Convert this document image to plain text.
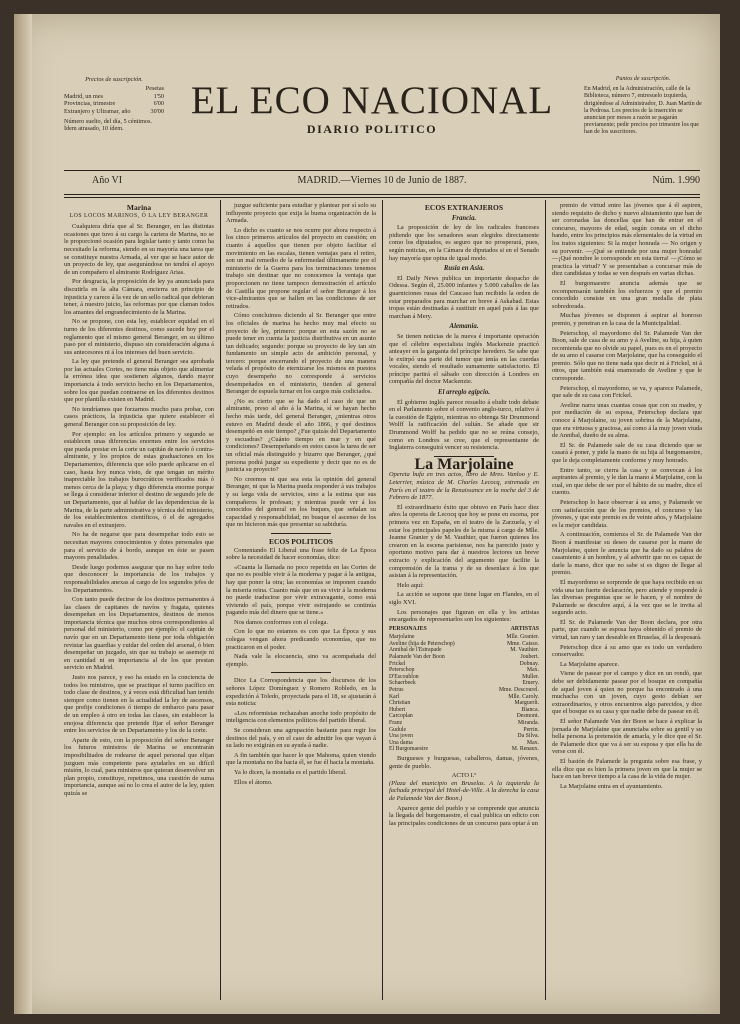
Precios de suscripción.
Pesetas
Madrid, un mes	1'50
Provincias, trimestre	6'00
Extranjero y Ultramar, año	30'00
Número suelto, del día, 5 céntimos.
Ídem atrasado, 10 ídem.
EL ECO NACIONAL
DIARIO POLITICO
Puntos de suscripción.
En Madrid, en la Administración, calle de la Biblioteca, número 7, entresuelo izquierda, dirigiéndose al Administrador, D. Juan Martín de la Pedrosa. Los precios de la inserción se anuncian por meses a razón se pagarán previamente; pedir precios por trimestre los que han de los suscritores.
Año VI	MADRID.—Viernes 10 de Junio de 1887.	Núm. 1.990
Marina
LOS LOCOS MARINOS, Ó LA LEY BERANGER

Cualquiera diría que al Sr. Beranger, en las distintas ocasiones que tuvo á su cargo la cartera de Marina, no se le proporcionó ocasión para legislar tanto y tanto como ha necesitado la reforma, siendo en su mayoría una tarea que se constituye nuestra Armada, al ver que se hace autor de un proyecto de ley, que asegurándose no tendrá el apoyo de un compañero el almirante Rodríguez Arias.

Por desgracia, la proposición de ley ya anunciada para discutirla en la alta Cámara, encierra un principio de injusticia y carece á la vez de un sello radical que debieran tener, á nuestro juicio, las reformas por que claman todos los amantes del engrandecimiento de la Marina.

No se propone, con esta ley, establecer equidad en el turno de los diferentes destinos, como sucede hoy por el reglamento que el mismo general Beranger, en su último paso por el ministerio, dispuso sin consideración alguna á sus antecesores ni á los intereses del buen servicio.

La ley que pretende el general Beranger sea aprobada por las actuales Cortes, no tiene más objeto que alimentar la errónea idea que sostienen algunos, dando mayor importancia á todo servicio hecho en los Departamentos, sobre los que puedan contraerse en los diferentes destinos que por plantilla existen en Madrid.

No tendríamos que forzarnos mucho para probar, con casos prácticos, la injusticia que quiere establecer el general Beranger con su proposición de ley.

Por ejemplo: en los artículos primero y segundo se establecen unas diferencias enormes entre los servicios que pueda prestar en la corte un capitán de navío ó contra-almirante, y los propios de estas graduaciones en los Departamentos, diferencia que sólo puede aplicarse en el caso, hasta hoy nunca visto, de que tengan un mérito inapreciable los trabajos burocráticos verificados más ó menos cerca de la playa; y digo diferencia enorme porque se llega á considerar inferior el destino de segundo jefe de un Departamento, que al hablar de las dependencias de la Marina, de la parte administrativa y técnica del ministerio, de los establecimientos científicos, ó el de agregados navales en el extranjero.

No ha de negarse que para desempeñar todo esto se necesitan mayores conocimientos y dotes personales que para el servicio de á bordo, aunque en éste se pasen mayores penalidades.

Desde luego podemos asegurar que no hay sobre todo que desconocer la importancia de los trabajos y responsabilidades anexas al cargo de los segundos jefes de los Departamentos.

Con tanto puede decirse de los destinos permanentes á las clases de capitanes de navíos y fragata, quienes desempeñan en los Departamentos, destinos de menos importancia técnica que muchos otros correspondientes al personal del ministerio, como por ejemplo: el capitán de navío que en un Departamento tiene por toda obligación revistar las guardias y cuidar del orden del arsenal, ó bien desempeñar un juzgado, sin que su trabajo se asemeje ni en cantidad ni en importancia al de los que prestan servicio en Madrid.

Justo nos parece, y eso ha estado en la conciencia de todos los ministros, que se practique el turno pacífico en todo clase de destinos, y á veces está dificultad han tenido siempre como tienen en la actualidad la ley de ascensos, que prefije condiciones ó tiempo de embarco para pasar de un empleo á otro en todas las clases, sin establecer la enojosa diferencia que pretende fijar el señor Beranger entre los servicios de un Departamento y los de la corte.

Aparte de esto, con la proposición del señor Beranger los futuros ministros de Marina se encontrarán imposibilitados de rodearse de aquel personal que elijan juzguen más competente para ayudarles en su difícil misión, lo cual, para ministros que quieran desenvolver un plan propio, constituye, repetimos, una cuestión de suma importancia, aunque así no lo crea el autor de la ley, quien quizás se

juzgue suficiente para estudiar y plantear por sí solo su influyente proyecto que exija la buena organización de la Armada.

Lo dicho es cuanto se nos ocurre por ahora respecto á los cinco primeros artículos del proyecto en cuestión; en cuanto á aquellos que tienen por objeto facilitar el movimiento en las escalas, tienen ventajas para el retiro, son un mal remedio de la enfermedad últimamente por el ministerio de la Guerra para los terminaciones tenemos trabajo sin destinar que no conocemos la ventaja que proporcionen no tiene tampoco demostración el artículo de Castilla que propone regular el señor Beranger á los vice-almirantes que se hallen en las condiciones de ser retirados.

Cómo concluimos diciendo al Sr. Beranger que entre los oficiales de marina ha hecho muy mal efecto su proyecto de ley, primero: porque en esta sazón no se puede tener en cuenta la justicia distributiva en un asunto tan delicado; segundo: porque su proyecto de ley tan sin fundamento un simple acto de ambición personal, y tercero: porque encerrando el proyecto de una manera velada el propósito de eternizarse los mismos en puestos cuyo desempeño no corresponde á servicios desempeñados en el ministerio, tienden al general Beranger de espuela turnar en los cargos más codiciados.

¿No es cierto que se ha dado el caso de que un almirante, preso al año á la Marina, sí se hayan hecho hecho más tarde, del general Beranger, ¿mientras otros estuvo en Madrid desde el año 1866, y qué destinos desempeñó en este tiempo? ¿Fue quizás del Departamento y escuadras? ¿Cuánto tiempo en mar y en qué condiciones? Desempeñando en estos casos la tarea de ser un oficial más distinguido y bizarro que Beranger, ¿qué persona podrá juzgar su expediente y decir que no es de justicia su proyecto?

No creemos ni que sea esta la opinión del general Beranger, ni que la Marina pueda responder á sus trabajos y su larga vida de servicios, sino a la estima que sus compañeros le profesan; y mientras puede ver á los conocidos del general en los buques, que señalan su capacidad y responsabilidad, no busque el ascenso de los que no hicieron más que presentar su sabiduría.

ECOS POLITICOS

Comentando El Liberal una frase feliz de La Época sobre la necesidad de hacer economías, dice:

«Cuanta la llamada no poco repetida en las Cortes de que no es posible vivir á la moderna y pagar á la antigua, hay que poner la otra; las economías se imponen cuando la miseria reina. Cuanto más que en su vivir á la moderna no puede traducirse por vivir extravagante, como está viviendo el país, porque vivir estrujando se continúa pagando más del dinero que se tiene.»

Nos damos conformes con el colega.

Con lo que no estamos es con que La Época y sus colegas vengan ahora predicando economías, que no practicaron en el poder.

Nada vale la elocuencia, sino va acompañada del ejemplo.

Dice La Correspondencia que los discursos de los señores López Domínguez y Romero Robledo, en la expedición á Toledo, proyectada para el 18, se ajustarán á esta noticia:

«Los reformistas rechazaban anoche todo propósito de inteligencia con elementos políticos del partido liberal.

Se consideran una agrupación bastante para regir los destinos del país, y en el caso de admitir los que vayan á su lado no exigirán en su ayuda á nadie.

A fin también que hacer lo que Mahoma, quien viendo que la montaña no iba hacia él, se fue él hacia la montaña.

Ya lo dicen, la montaña es el partido liberal.

Ellos el átomo.

ECOS EXTRANJEROS
Francia.

La proposición de ley de los radicales franceses pidiendo que los senadores sean elegidos directamente como los diputados, es seguro que no prosperará, pues, según noticias, en la Cámara de diputados si en el Senado hay mayoría que opina de igual modo.

Rusia en Asia.

El Daily News publica un importante despacho de Odessa. Según él, 25.000 infantes y 5.000 caballos de las guarniciones rusas del Caucaso han recibido la orden de estar preparados para marchar en breve á Askabad. Estas tropas están destinadas á sustituir en aquel país á las que marchan á Mery.

Alemania.

Se tienen noticias de la nueva é importante operación que el célebre especialista inglés Mackenzie practicó anteayer en la garganta del príncipe heredero. Se sabe que le extirpó una parte del tumor que tenía en las cuerdas vocales, siendo el resultado sumamente satisfactorio. El príncipe partirá el sábado con dirección á Londres en compañía del doctor Mackenzie.

El arreglo egipcio.

El gobierno inglés parece resuelto á eludir todo debate en el Parlamento sobre el convenio anglo-turco, relativo á la cuestión de Egipto, mientras no obtenga Sir Drummond Wolff la ratificación del sultán. Se añade que sir Drummond Wolff ha pedido que no se reúna consejo, como en Londres se cree, que el representante de Inglaterra conseguirá vencer su resistencia.

La Marjolaine

Opereta bufa en tres actos, libro de Mres. Vanloo y E. Leterrier, música de M. Charles Lecocq, estrenada en París en el teatro de la Renaissance en la noche del 3 de Febrero de 1877.

El extraordinario éxito que obtuvo en París hace diez años la opereta de Lecocq que hoy se pone en escena, por primera vez en España, en el teatro de la Zarzuela, y el estar los principales papeles de la misma á cargo de Mlle. Jeanne Granier y de M. Vauthier, que fueron quienes los crearon en la escena parisiense, nos ha parecido justo y oportuno motivo para dar á nuestros lectores un breve extracto y explicación del argumento que facilite la comprensión de la trama y de su desenlace á los que asistan á la representación.

Helo aquí:

La acción se supone que tiene lugar en Flandes, en el siglo XVI.

Los personajes que figuran en ella y los artistas encargados de representarlos son los siguientes:

PERSONAJES	ARTISTAS
Marjolaine	Mlle. Granier.
Aveline (hija de Peterschop)	Mme. Caisso.
Annibal de l'Estrapade	M. Vauthier.
Palamede Van der Boon	Joubert.
Frickel	Dobnay.
Peterschop	Max.
D'Escoublon	Muller.
Schaerbeek	Emery.
Petrus	Mme. Descourel.
Karl	Mlle. Caroly.
Christian	Marguerit.
Hubert	Bianca.
Carcoplan	Desmont.
Franz	Miranda.
Gudule	Perrin.
Una joven	Da Silva.
Una dama	Max.
El Burgomaestre	M. Renaux.

Burgueses y burguesas, caballeros, damas, jóvenes, gente de pueblo.

ACTO I.º

(Plaza del municipio en Bruselas. A la izquierda la fachada principal del Hotel-de-Ville. A la derecha la casa de Palamede Van der Boon.)

Aparece gente del pueblo y se comprende que anuncia la llegada del burgomaestre, el cual publica un edicto con las principales condiciones de un concurso para optar á un

premio de virtud entre las jóvenes que á él aspiren, siendo requisito de dicho y nuevo alistamiento que han de ser coronadas las doncellas que han de entrar en el concurso, mayores de edad, según consta en el dicho bando, entre los principios más elementales de la virtud en los tratos siguientes: Si la mujer honrada — No origen y su porvenir. —¡Qué se entiende por una mujer honrada! —¡Qué nombre le corresponde en esta tierra! —¡Cómo se practica la virtud? Y se presentaban a concursar más de diez candidatas y todas se ven después en varias dichas.

El burgomaestre anuncia además que se recompensarán también los esfuerzos y que el premio concedido consiste en una gran medalla de plata sobredorada.

Muchas jóvenes se disponen á aspirar al honroso premio, y penetran en la casa de la Municipalidad.

Peterschop, el mayordomo del Sr. Palamede Van der Boon, sale de casa de su amo y á Aveline, su hija, á quien recomienda que no olvide su papel, pues es en el proyecto de su amo el casarse con Marjolaine, que ha conseguido el premio. Sólo que no tiene nada que decir ni á Frickel, ni á otros, que también está enamorado de Aveline y que le corresponde.

Peterschop, el mayordomo, se va, y aparece Palamede, que sale de su casa con Frickel.

Aveline narra unas cuantas cosas que con su madre, y por mediación de su esposa, Peterschop declara que conoce á Marjolaine, su joven sobrina de la Marjolaine, que era virtuosa y graciosa, así como á la muy joven viuda de Annibal, dueño de su alma.

El Sr. de Palamede sale de su casa diciendo que se casará á poner, y pide la mano de su hija al burgomaestre, que le deja completamente conforme y muy honrado.

Entre tanto, se cierra la casa y se convocan á los aspirantes al premio, y le dan la mano á Marjolaine, con la cual, en que debe de ser por el hábito de su madre, dice el cuento.

Peterschop lo hace observar á su amo, y Palamede ve con satisfacción que de los premios, el concurso y las jóvenes, y que este premio es de veinte años, y Marjolaine es la mejor candidata.

A continuación, comienza el Sr. de Palamede Van der Boon á manifestar su deseo de casarse por la mano de Marjolaine, quien le anuncia que ha dado su palabra de casamiento á un hombre, y al advertir que no es capaz de darle la mano, dice que no sabe si es digno de llegar al premio.

El mayordomo se sorprende de que haya recibido en su vida una tan fuerte declaración, pero atiende y responde á las diversas preguntas que se le hacen, y el nombre de Palamede se descubre aquí, á la vez que se le invita al segundo acto.

El Sr. de Palamede Van der Boon declara, por otra parte, que cuando se esposa haya obtenido el premio de virtud, tan raro y tan deseable en Bruselas, él la desposará.

Peterschop dice á su amo que es todo un verdadero conservador.

La Marjolaine aparece.

Viene de pasear por el campo y dice en un rondó, que debe ser debidamente pasear por el bosque en compañía de aquel joven á quien no porque ha encontrado á una muchacha con un joven, cuyo gesto debían ser extraordinarios, y otros encuentros algo parecidos, y dice que el bosque es su casa y que nadie debe de pasear en él.

El señor Palamede Van der Boon se hace á explicar la jornada de Marjolaine que anunciaba sobre su gentil y su bella persona la pretensión de amarla, y le dice que el Sr. de Palamede dice que va á ser su esposa y que ella ha de verse con él.

El bastón de Palamede la pregunta sobre esa frase, y ella dice que es bien la primera joven en que la mujer se hace en tan breve tiempo a la casa de la vida de mujer.

La Marjolaine entra en el ayuntamiento.
